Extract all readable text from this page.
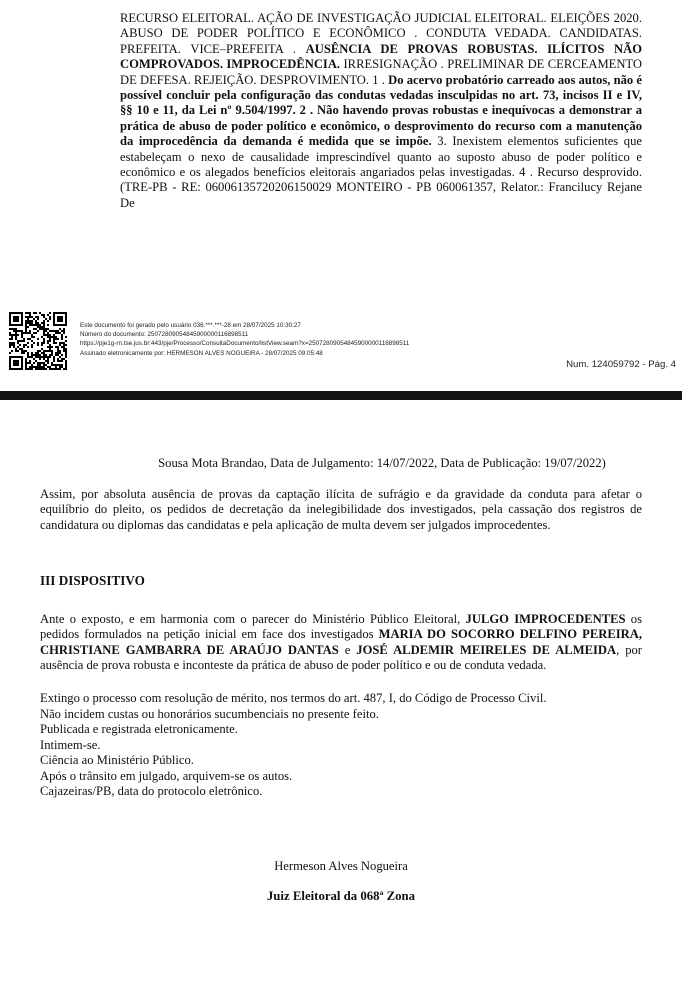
RECURSO ELEITORAL. AÇÃO DE INVESTIGAÇÃO JUDICIAL ELEITORAL. ELEIÇÕES 2020. ABUSO DE PODER POLÍTICO E ECONÔMICO . CONDUTA VEDADA. CANDIDATAS. PREFEITA. VICE–PREFEITA . AUSÊNCIA DE PROVAS ROBUSTAS. ILÍCITOS NÃO COMPROVADOS. IMPROCEDÊNCIA. IRRESIGNAÇÃO . PRELIMINAR DE CERCEAMENTO DE DEFESA. REJEIÇÃO. DESPROVIMENTO. 1 . Do acervo probatório carreado aos autos, não é possível concluir pela configuração das condutas vedadas insculpidas no art. 73, incisos II e IV, §§ 10 e 11, da Lei nº 9.504/1997. 2 . Não havendo provas robustas e inequívocas a demonstrar a prática de abuso de poder político e econômico, o desprovimento do recurso com a manutenção da improcedência da demanda é medida que se impõe. 3. Inexistem elementos suficientes que estabeleçam o nexo de causalidade imprescindível quanto ao suposto abuso de poder político e econômico e os alegados benefícios eleitorais angariados pelas investigadas. 4 . Recurso desprovido. (TRE-PB - RE: 06006135720206150029 MONTEIRO - PB 060061357, Relator.: Franciluсy Rejane De
Este documento foi gerado pelo usuário 036.***.***-28 em 28/07/2025 10:30:27
Número do documento: 25072809054845900000116898511
https://pje1g-rn.tse.jus.br:443/pje/Processo/ConsultaDocumento/listView.seam?x=25072809054845900000116898511
Assinado eletronicamente por: HERMESON ALVES NOGUEIRA - 28/07/2025 09:05:48
Num. 124059792 - Pág. 4
Sousa Mota Brandao, Data de Julgamento: 14/07/2022, Data de Publicação: 19/07/2022)
Assim, por absoluta ausência de provas da captação ilícita de sufrágio e da gravidade da conduta para afetar o equilíbrio do pleito, os pedidos de decretação da inelegibilidade dos investigados, pela cassação dos registros de candidatura ou diplomas das candidatas e pela aplicação de multa devem ser julgados improcedentes.
III DISPOSITIVO
Ante o exposto, e em harmonia com o parecer do Ministério Público Eleitoral, JULGO IMPROCEDENTES os pedidos formulados na petição inicial em face dos investigados MARIA DO SOCORRO DELFINO PEREIRA, CHRISTIANE GAMBARRA DE ARAÚJO DANTAS e JOSÉ ALDEMIR MEIRELES DE ALMEIDA, por ausência de prova robusta e inconteste da prática de abuso de poder político e ou de conduta vedada.
Extingo o processo com resolução de mérito, nos termos do art. 487, I, do Código de Processo Civil.
Não incidem custas ou honorários sucumbenciais no presente feito.
Publicada e registrada eletronicamente.
Intimem-se.
Ciência ao Ministério Público.
Após o trânsito em julgado, arquivem-se os autos.
Cajazeiras/PB, data do protocolo eletrônico.
Hermeson Alves Nogueira
Juiz Eleitoral da 068ª Zona
